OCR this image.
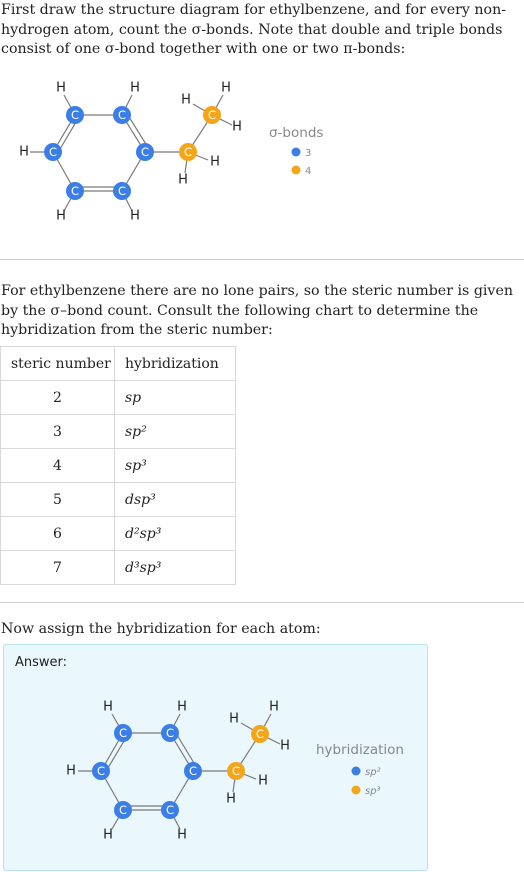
First draw the structure diagram for ethylbenzene, and for every non-hydrogen atom, count the σ-bonds. Note that double and triple bonds consist of one σ-bond together with one or two π-bonds:
C	C
C	C
C	C
C
C
H	H
H
H	H
H
H
H
H
H
σ-bonds
3
4
For ethylbenzene there are no lone pairs, so the steric number is given by the σ–bond count. Consult the following chart to determine the hybridization from the steric number:
steric number	hybridization
2	sp
3	sp²
4	sp³
5	dsp³
6	d²sp³
7	d³sp³
Now assign the hybridization for each atom:
Answer:
C	C
C	C
C	C
C
C
H	H
H
H	H
H
H
H
H
H
hybridization
sp²
sp³
